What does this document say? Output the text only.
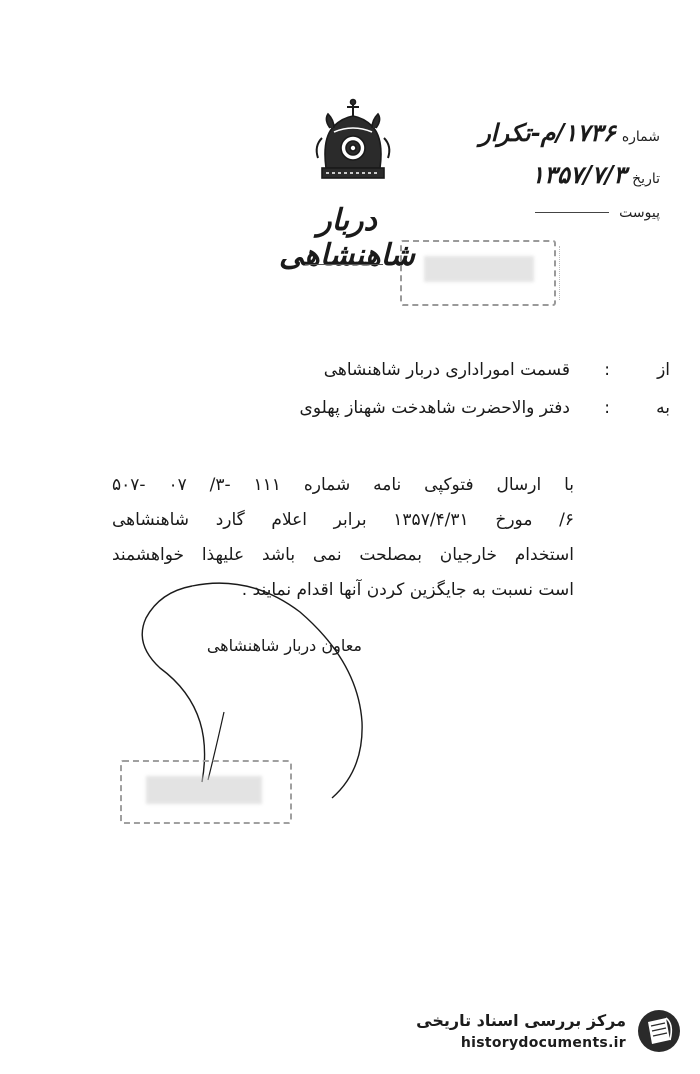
دربار شاهنشاهی
شماره
۱۷۳۶/م-تکرار
تاریخ
۱۳۵۷/۷/۳
پیوست
از
:
قسمت اموراداری دربار شاهنشاهی
به
:
دفتر والاحضرت شاهدخت شهناز پهلوی
با ارسال فتوکپی نامه شماره ۱۱۱ -۳/ ۰۷ -۵۰۷
۶/ مورخ ۱۳۵۷/۴/۳۱ برابر اعلام گارد شاهنشاهی
استخدام خارجیان بمصلحت نمی باشد علیهذا خواهشمند
است نسبت به جایگزین کردن آنها اقدام نمایند .
معاون دربار شاهنشاهی
مرکز بررسی اسناد تاریخی
historydocuments.ir
